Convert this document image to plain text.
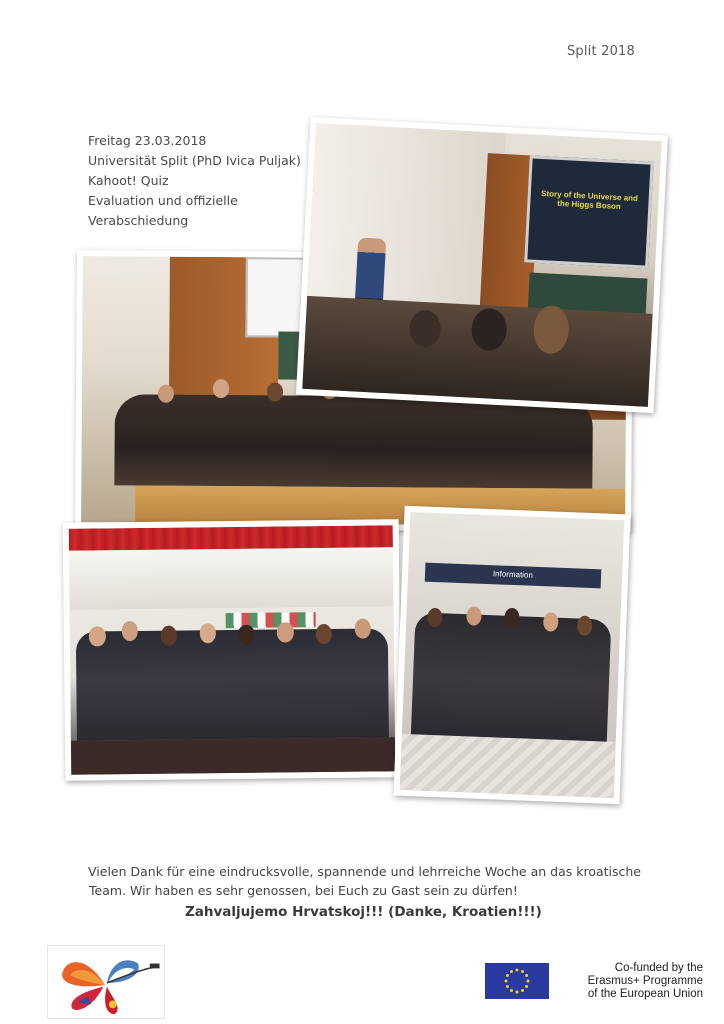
Split 2018
Freitag 23.03.2018
Universität Split (PhD Ivica Puljak)
Kahoot! Quiz
Evaluation und offizielle
Verabschiedung
Story of the Universe and the Higgs Boson
Information
Vielen Dank für eine eindrucksvolle, spannende und lehrreiche Woche an das kroatische
Team. Wir haben es sehr genossen, bei Euch zu Gast sein zu dürfen!
Zahvaljujemo Hrvatskoj!!! (Danke, Kroatien!!!)
Co-funded by the
Erasmus+ Programme
of the European Union
